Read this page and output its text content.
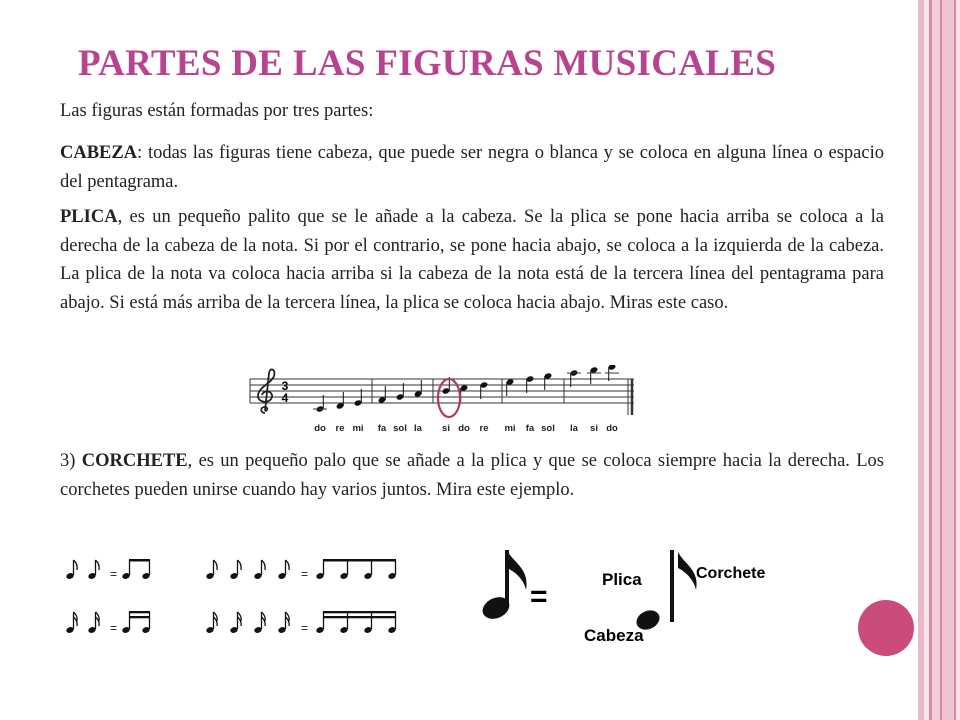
PARTES DE LAS FIGURAS MUSICALES
Las figuras están formadas por tres partes:
CABEZA: todas las figuras tiene cabeza, que puede ser negra o blanca y se coloca en alguna línea o espacio del pentagrama.
PLICA, es un pequeño palito que se le añade a la cabeza. Se la plica se pone hacia arriba se coloca a la derecha de la cabeza de la nota. Si por el contrario, se pone hacia abajo, se coloca a la izquierda de la cabeza. La plica de la nota va coloca hacia arriba si la cabeza de la nota está de la tercera línea del pentagrama para abajo. Si está más arriba de la tercera línea, la plica se coloca hacia abajo. Miras este caso.
3
4
do re mi fa sol la si do re mi fa sol la si do
3) CORCHETE, es un pequeño palo que se añade a la plica y que se coloca siempre hacia la derecha. Los corchetes pueden unirse cuando hay varios juntos. Mira este ejemplo.
=	=
=	=
=
Plica	Corchete
Cabeza
